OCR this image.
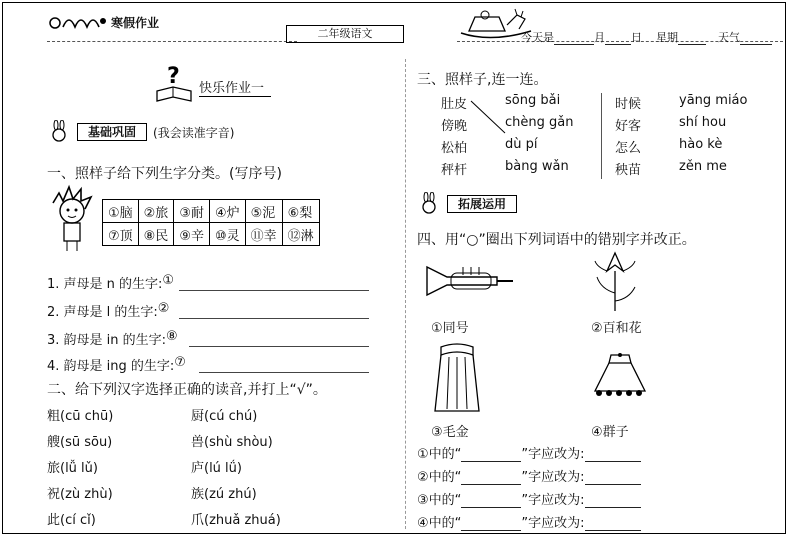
寒假作业
二年级语文	今天是	月 日 星期	天气
? 快乐作业一
基础巩固	(我会读准字音)
一、照样子给下列生字分类。(写序号)
①脑	②旅	③耐	④炉	⑤泥	⑥梨
⑦顶	⑧民	⑨辛	⑩灵	⑪幸	⑫淋
1. 声母是 n 的生字: ①
2. 声母是 l 的生字: ②
3. 韵母是 in 的生字: ⑧
4. 韵母是 ing 的生字: ⑦
二、给下列汉字选择正确的读音,并打上“√”。
粗(cū chū)
艘(sū sōu)
旅(lǚ lǔ)
祝(zù zhù)
此(cí cǐ)
厨(cú chú)
兽(shù shòu)
庐(lú lǘ)
族(zú zhú)
爪(zhuǎ zhuá)
三、照样子,连一连。
肚皮
傍晚
松柏
秤杆
sōng bǎi
chèng gǎn
dù pí
bàng wǎn
时候
好客
怎么
秧苗
yāng miáo
shí hou
hào kè
zěn me
拓展运用
四、用“○”圈出下列词语中的错别字并改正。
①同号	②百和花
③毛金	④群子
①中的“	”字应改为:
②中的“	”字应改为:
③中的“	”字应改为:
④中的“	”字应改为:
